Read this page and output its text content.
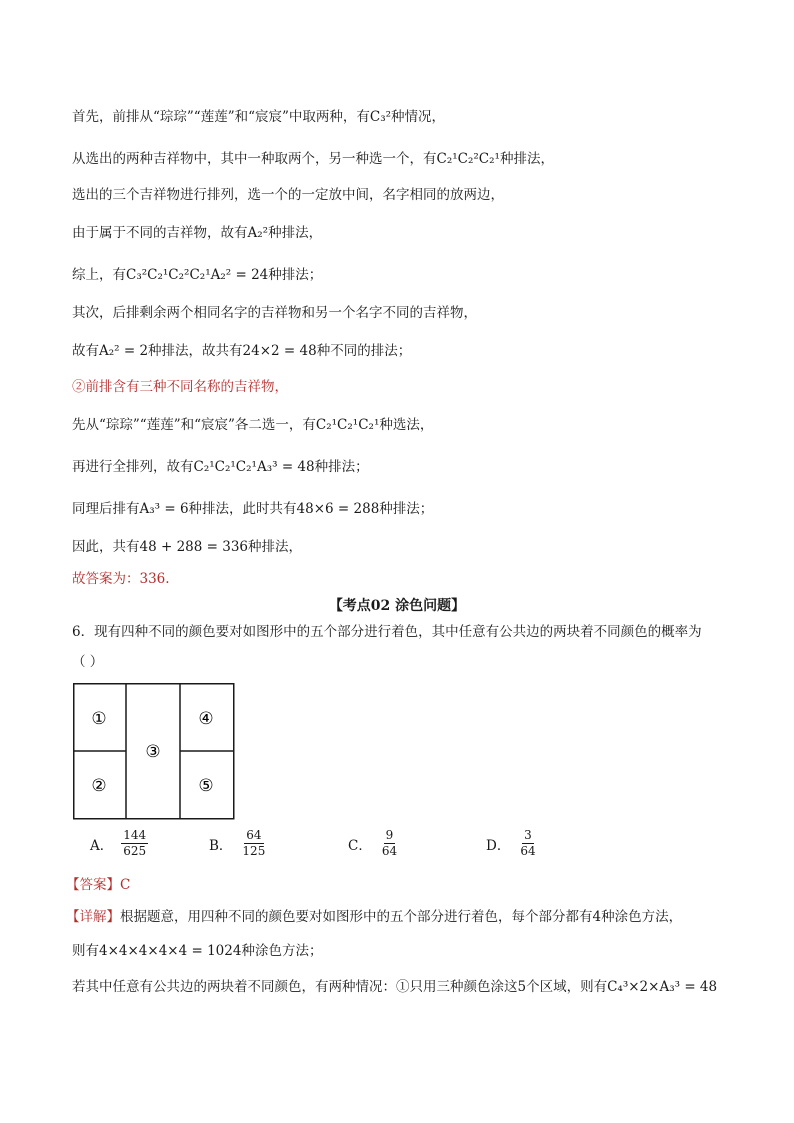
首先，前排从“琮琮”“莲莲”和“宸宸”中取两种，有C₃²种情况，
从选出的两种吉祥物中，其中一种取两个，另一种选一个，有C₂¹C₂²C₂¹种排法，
选出的三个吉祥物进行排列，选一个的一定放中间，名字相同的放两边，
由于属于不同的吉祥物，故有A₂²种排法，
综上，有C₃²C₂¹C₂²C₂¹A₂² = 24种排法；
其次，后排剩余两个相同名字的吉祥物和另一个名字不同的吉祥物，
故有A₂² = 2种排法，故共有24×2 = 48种不同的排法；
②前排含有三种不同名称的吉祥物，
先从“琮琮”“莲莲”和“宸宸”各二选一，有C₂¹C₂¹C₂¹种选法，
再进行全排列，故有C₂¹C₂¹C₂¹A₃³ = 48种排法；
同理后排有A₃³ = 6种排法，此时共有48×6 = 288种排法；
因此，共有48 + 288 = 336种排法，
故答案为：336.
【考点02 涂色问题】
6．现有四种不同的颜色要对如图形中的五个部分进行着色，其中任意有公共边的两块着不同颜色的概率为
（ ）
①
②
③
④
⑤
A． $\frac{144}{625}$	B． $\frac{64}{125}$	C． $\frac{9}{64}$	D． $\frac{3}{64}$
【答案】C
【详解】根据题意，用四种不同的颜色要对如图形中的五个部分进行着色，每个部分都有4种涂色方法，
则有4×4×4×4×4 = 1024种涂色方法；
若其中任意有公共边的两块着不同颜色，有两种情况：①只用三种颜色涂这5个区域，则有C₄³×2×A₃³ = 48
